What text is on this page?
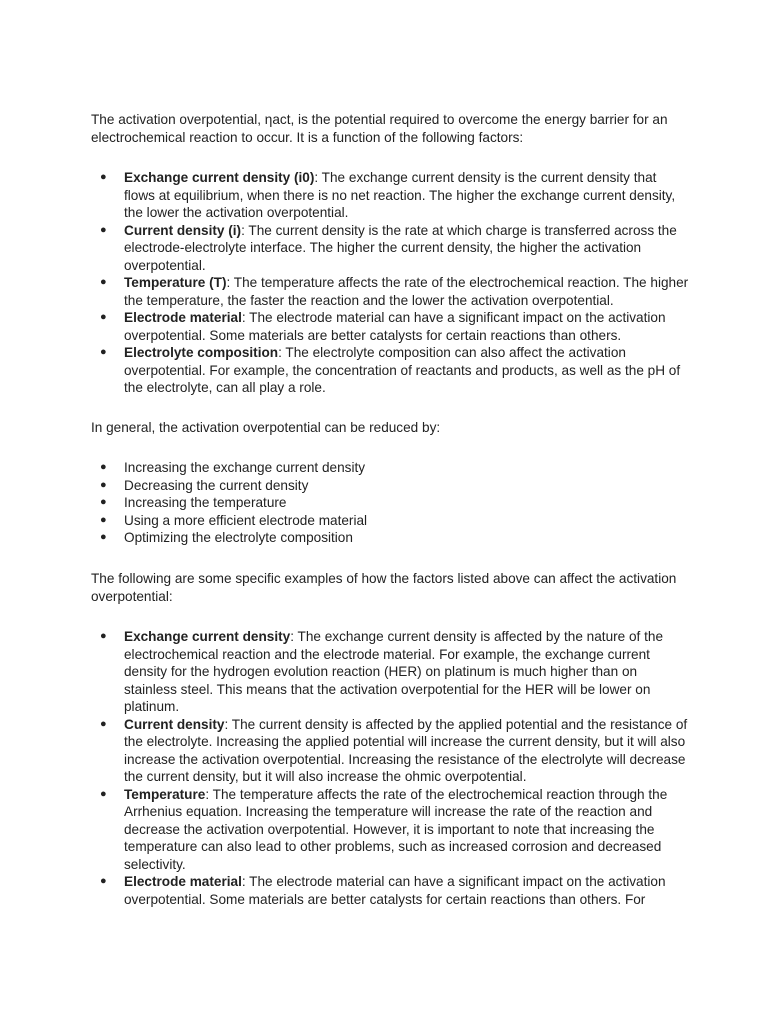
The activation overpotential, ηact, is the potential required to overcome the energy barrier for an electrochemical reaction to occur. It is a function of the following factors:

● Exchange current density (i0): The exchange current density is the current density that flows at equilibrium, when there is no net reaction. The higher the exchange current density, the lower the activation overpotential.
● Current density (i): The current density is the rate at which charge is transferred across the electrode-electrolyte interface. The higher the current density, the higher the activation overpotential.
● Temperature (T): The temperature affects the rate of the electrochemical reaction. The higher the temperature, the faster the reaction and the lower the activation overpotential.
● Electrode material: The electrode material can have a significant impact on the activation overpotential. Some materials are better catalysts for certain reactions than others.
● Electrolyte composition: The electrolyte composition can also affect the activation overpotential. For example, the concentration of reactants and products, as well as the pH of the electrolyte, can all play a role.

In general, the activation overpotential can be reduced by:

● Increasing the exchange current density
● Decreasing the current density
● Increasing the temperature
● Using a more efficient electrode material
● Optimizing the electrolyte composition

The following are some specific examples of how the factors listed above can affect the activation overpotential:

● Exchange current density: The exchange current density is affected by the nature of the electrochemical reaction and the electrode material. For example, the exchange current density for the hydrogen evolution reaction (HER) on platinum is much higher than on stainless steel. This means that the activation overpotential for the HER will be lower on platinum.
● Current density: The current density is affected by the applied potential and the resistance of the electrolyte. Increasing the applied potential will increase the current density, but it will also increase the activation overpotential. Increasing the resistance of the electrolyte will decrease the current density, but it will also increase the ohmic overpotential.
● Temperature: The temperature affects the rate of the electrochemical reaction through the Arrhenius equation. Increasing the temperature will increase the rate of the reaction and decrease the activation overpotential. However, it is important to note that increasing the temperature can also lead to other problems, such as increased corrosion and decreased selectivity.
● Electrode material: The electrode material can have a significant impact on the activation overpotential. Some materials are better catalysts for certain reactions than others. For
